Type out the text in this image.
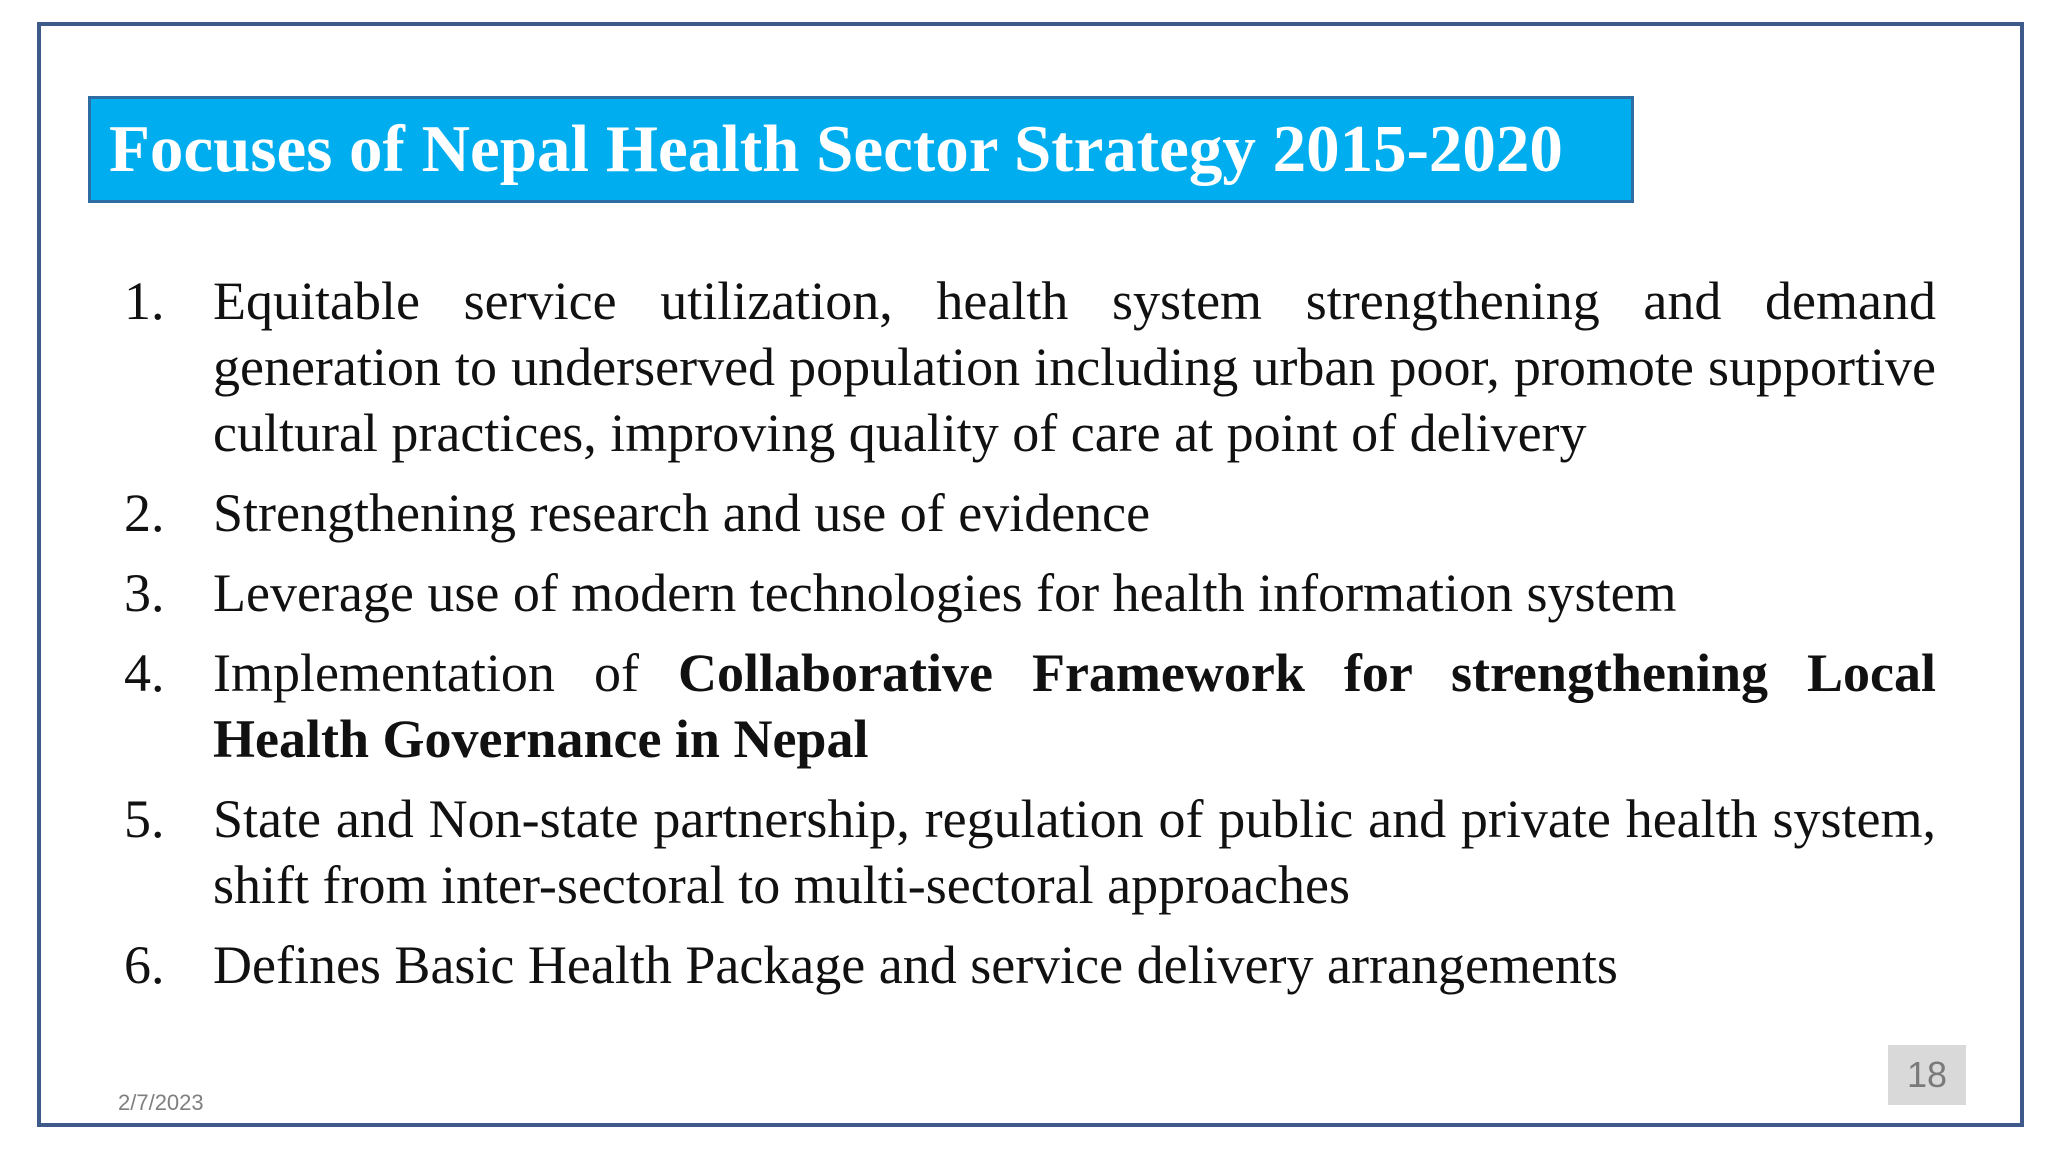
Focuses of Nepal Health Sector Strategy 2015-2020
1. Equitable service utilization, health system strengthening and demand generation to underserved population including urban poor, promote supportive cultural practices, improving quality of care at point of delivery
2. Strengthening research and use of evidence
3. Leverage use of modern technologies for health information system
4. Implementation of Collaborative Framework for strengthening Local Health Governance in Nepal
5. State and Non-state partnership, regulation of public and private health system, shift from inter-sectoral to multi-sectoral approaches
6. Defines Basic Health Package and service delivery arrangements
2/7/2023
18
